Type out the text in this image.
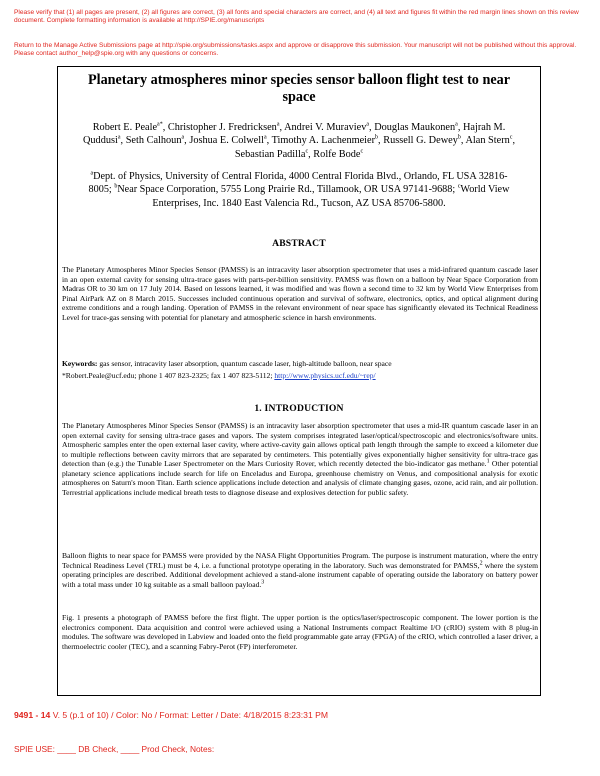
Please verify that (1) all pages are present, (2) all figures are correct, (3) all fonts and special characters are correct, and (4) all text and figures fit within the red margin lines shown on this review document. Complete formatting information is available at http://SPIE.org/manuscripts
Return to the Manage Active Submissions page at http://spie.org/submissions/tasks.aspx and approve or disapprove this submission. Your manuscript will not be published without this approval. Please contact author_help@spie.org with any questions or concerns.
Planetary atmospheres minor species sensor balloon flight test to near space
Robert E. Peale$^{a*}$, Christopher J. Fredricksen$^a$, Andrei V. Muraviev$^a$, Douglas Maukonen$^a$, Hajrah M. Quddusi$^a$, Seth Calhoun$^a$, Joshua E. Colwell$^a$, Timothy A. Lachenmeier$^b$, Russell G. Dewey$^b$, Alan Stern$^c$, Sebastian Padilla$^c$, Rolfe Bode$^c$
$^a$Dept. of Physics, University of Central Florida, 4000 Central Florida Blvd., Orlando, FL USA 32816-8005; $^b$Near Space Corporation, 5755 Long Prairie Rd., Tillamook, OR USA 97141-9688; $^c$World View Enterprises, Inc. 1840 East Valencia Rd., Tucson, AZ USA 85706-5800.
ABSTRACT
The Planetary Atmospheres Minor Species Sensor (PAMSS) is an intracavity laser absorption spectrometer that uses a mid-infrared quantum cascade laser in an open external cavity for sensing ultra-trace gases with parts-per-billion sensitivity. PAMSS was flown on a balloon by Near Space Corporation from Madras OR to 30 km on 17 July 2014. Based on lessons learned, it was modified and was flown a second time to 32 km by World View Enterprises from Pinal AirPark AZ on 8 March 2015. Successes included continuous operation and survival of software, electronics, optics, and optical alignment during extreme conditions and a rough landing. Operation of PAMSS in the relevant environment of near space has significantly elevated its Technical Readiness Level for trace-gas sensing with potential for planetary and atmospheric science in harsh environments.
Keywords: gas sensor, intracavity laser absorption, quantum cascade laser, high-altitude balloon, near space
*Robert.Peale@ucf.edu; phone 1 407 823-2325; fax 1 407 823-5112; http://www.physics.ucf.edu/~rep/
1. INTRODUCTION
The Planetary Atmospheres Minor Species Sensor (PAMSS) is an intracavity laser absorption spectrometer that uses a mid-IR quantum cascade laser in an open external cavity for sensing ultra-trace gases and vapors. The system comprises integrated laser/optical/spectroscopic and electronics/software units. Atmospheric samples enter the open external laser cavity, where active-cavity gain allows optical path length through the sample to exceed a kilometer due to multiple reflections between cavity mirrors that are separated by centimeters. This potentially gives exponentially higher sensitivity for ultra-trace gas detection than (e.g.) the Tunable Laser Spectrometer on the Mars Curiosity Rover, which recently detected the bio-indicator gas methane.$^1$ Other potential planetary science applications include search for life on Enceladus and Europa, greenhouse chemistry on Venus, and compositional analysis for exotic atmospheres on Saturn's moon Titan. Earth science applications include detection and analysis of climate changing gases, ozone, acid rain, and air pollution. Terrestrial applications include medical breath tests to diagnose disease and explosives detection for public safety.
Balloon flights to near space for PAMSS were provided by the NASA Flight Opportunities Program. The purpose is instrument maturation, where the entry Technical Readiness Level (TRL) must be 4, i.e. a functional prototype operating in the laboratory. Such was demonstrated for PAMSS,$^2$ where the system operating principles are described. Additional development achieved a stand-alone instrument capable of operating outside the laboratory on battery power with a total mass under 10 kg suitable as a small balloon payload.$^3$
Fig. 1 presents a photograph of PAMSS before the first flight. The upper portion is the optics/laser/spectroscopic component. The lower portion is the electronics component. Data acquisition and control were achieved using a National Instruments compact Realtime I/O (cRIO) system with 8 plug-in modules. The software was developed in Labview and loaded onto the field programmable gate array (FPGA) of the cRIO, which controlled a laser driver, a thermoelectric cooler (TEC), and a scanning Fabry-Perot (FP) interferometer.
9491 - 14 V. 5 (p.1 of 10) / Color: No / Format: Letter / Date: 4/18/2015 8:23:31 PM
SPIE USE: ____ DB Check, ____ Prod Check, Notes:
